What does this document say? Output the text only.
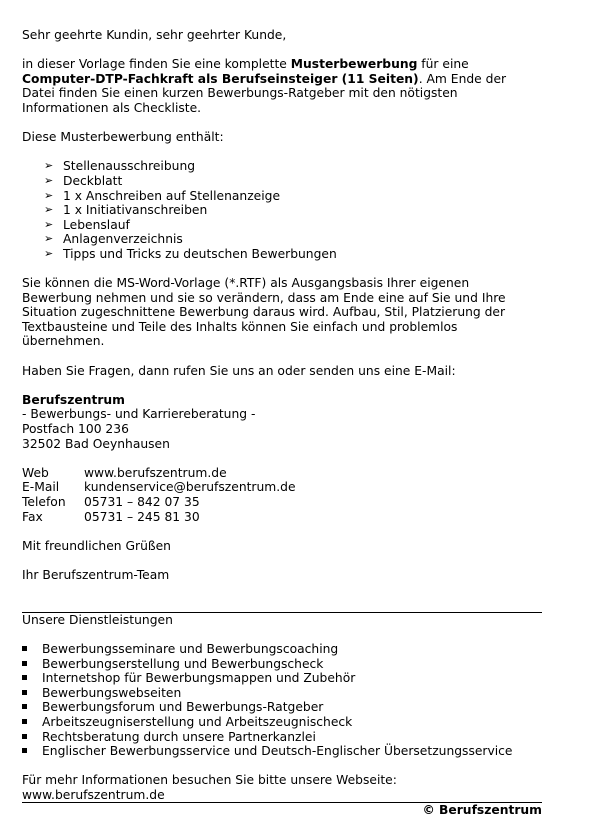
Sehr geehrte Kundin, sehr geehrter Kunde,

in dieser Vorlage finden Sie eine komplette Musterbewerbung für eine Computer-DTP-Fachkraft als Berufseinsteiger (11 Seiten). Am Ende der Datei finden Sie einen kurzen Bewerbungs-Ratgeber mit den nötigsten Informationen als Checkliste.

Diese Musterbewerbung enthält:

➢ Stellenausschreibung
➢ Deckblatt
➢ 1 x Anschreiben auf Stellenanzeige
➢ 1 x Initiativanschreiben
➢ Lebenslauf
➢ Anlagenverzeichnis
➢ Tipps und Tricks zu deutschen Bewerbungen

Sie können die MS-Word-Vorlage (*.RTF) als Ausgangsbasis Ihrer eigenen Bewerbung nehmen und sie so verändern, dass am Ende eine auf Sie und Ihre Situation zugeschnittene Bewerbung daraus wird. Aufbau, Stil, Platzierung der Textbausteine und Teile des Inhalts können Sie einfach und problemlos übernehmen.

Haben Sie Fragen, dann rufen Sie uns an oder senden uns eine E-Mail:

Berufszentrum

- Bewerbungs- und Karriereberatung -

Postfach 100 236

32502 Bad Oeynhausen

Web	www.berufszentrum.de
E-Mail	kundenservice@berufszentrum.de
Telefon	05731 – 842 07 35
Fax	05731 – 245 81 30

Mit freundlichen Grüßen

Ihr Berufszentrum-Team

Unsere Dienstleistungen

Bewerbungsseminare und Bewerbungscoaching
Bewerbungserstellung und Bewerbungscheck
Internetshop für Bewerbungsmappen und Zubehör
Bewerbungswebseiten
Bewerbungsforum und Bewerbungs-Ratgeber
Arbeitszeugniserstellung und Arbeitszeugnischeck
Rechtsberatung durch unsere Partnerkanzlei
Englischer Bewerbungsservice und Deutsch-Englischer Übersetzungsservice

Für mehr Informationen besuchen Sie bitte unsere Webseite: www.berufszentrum.de

© Berufszentrum
